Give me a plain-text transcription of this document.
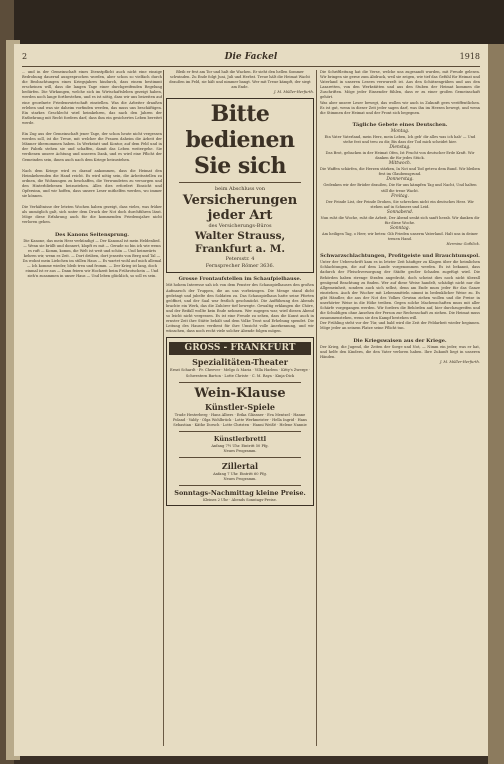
2	Die Fackel	1918

... und in der Gemeinschaft eines Dienstpflicht auch nicht eine einzige Bedrohung dauernd ausgesprochen worden, aber schon so vielfach durch die Beobachtungen eines Kriegsjahres hindurch, dass einem bestimmt erscheinen will, dass die langen Tage einer durchgreifenden Regelung bedürfen. Die Wirkungen, welche sich im Wirtschaftsleben gezeigt haben, werden noch lange fortbestehen, und es ist nötig, dass wir uns beizeiten auf eine geordnete Friedenswirtschaft einstellen. Was die Arbeiter draußen erleben und was sie daheim vorfinden werden, das muss uns beschäftigen. Ein starkes Geschlecht wird heimkehren, das nach den Jahren der Entbehrung mit Recht fordern darf, dass ihm ein gesichertes Leben bereitet werde.

Ein Zug aus der Gemeinschaft jener Tage, der schon heute nicht vergessen werden soll, ist die Treue, mit welcher die Frauen daheim die Arbeit der Männer übernommen haben. In Werkstatt und Kontor, auf dem Feld und in der Fabrik stehen sie und schaffen, damit das Leben weitergehe. Sie verdienen unsere Achtung und unseren Dank, und es wird eine Pflicht der Gemeinden sein, ihnen auch nach dem Kriege beizustehen.

Nach dem Kriege wird es darauf ankommen, dass die Heimat den Heimkehrenden die Hand reicht. Es wird nötig sein, die Arbeitsstellen zu ordnen, die Wohnungen zu beschaffen, die Verwundeten zu versorgen und den Hinterbliebenen beizustehen. Alles dies erfordert Einsicht und Opfersinn, und wir hoffen, dass unsere Leser mithelfen werden, wo immer sie können.

Die Verhältnisse der letzten Wochen haben gezeigt, dass vieles, was früher als unmöglich galt, sich unter dem Druck der Not doch durchführen lässt. Möge diese Erfahrung auch für die kommenden Friedensjahre nicht verloren gehen.

Des Kanons Seitensprung.

Die Kanone, das mein Herz verkündigt — Der Kanonal ist mein Heldenlied. — Wenn sie brüllt und donnert, klopft es mit — Gerade so bin ich wie wenn es ruft — Komm, komm, die Welt ist weit und schön — Und heimwärts kehren wir, wenn es Zeit. — Dort drüben, dort jenseits von Berg und Tal — Da wohnt mein Liebchen im stillen Haus — Es wartet wohl auf mich allemal — Ich komme wieder, bleib treu und fromm. — Der Krieg ist lang, doch einmal ist er aus — Dann feiern wir Hochzeit beim Frührotschein — Und zieh'n zusammen in unser Haus — Und leben glücklich, so soll es sein.

Bleib er fest am Tor und halt die Wachen. Er sieht den hellen Sommer schwinden. Zu Ende folgt Juni, Juli und Herbst. Treue hält die Heimat Wacht draußen im Feld, sie hält und nimmer bangt. Wer mit Treue kämpft, der siegt am Ende.

J. M. Müller-Herfurth.
Bitte bedienen Sie sich
beim Abschluss von
Versicherungen
jeder Art
des Versicherungs-Büros
Walter Strauss, Frankfurt a. M.
Petersstr. 4
Fernsprecher Römer 3636.
Grosse Frontaufstellen im Schaufpielhause.

Mit hohem Interesse sah ich von dem Fenster des Schauspielhauses den großen Aufmarsch der Truppen, die an uns vorbeizogen. Die Menge stand dicht gedrängt und jubelte den Soldaten zu. Das Schauspielhaus hatte seine Pforten geöffnet, und der Saal war festlich geschmückt. Die Aufführung des Abends brachte ein Werk, das die Zuhörer tief bewegte. Gewaltig erklangen die Chöre, und der Beifall wollte kein Ende nehmen. Wer zugegen war, wird diesen Abend so leicht nicht vergessen. Es ist eine Freude zu sehen, dass die Kunst auch in ernster Zeit ihre Stätte behält und dem Volke Trost und Erhebung spendet. Die Leitung des Hauses verdient für ihre Umsicht volle Anerkennung, und wir wünschen, dass noch recht viele solcher Abende folgen mögen.

GROSS - FRANKFURT
Spezialitäten-Theater

Ernst Schardt · Fr. Cheever · Melgo & Maria · Villa Harlem · Kitty's Zwerge · Schwestern Barton · Lotte Christe · C. M. Raya · Kinja-Dick

Wein-Klause
Künstler-Spiele

Trude Hesterberg · Hans Albers · Erika Glässner · Eva Mentzel · Hanne Poland · Valdy · Olga Wohlbrück · Lotte Werkmeister · Hella Ingrid · Hans Sebastian · Käthe Dorsch · Lotte Christen · Hanni Weißé · Helene Nannie

Künstlerbrettl

Anfang 7½ Uhr. Eintritt 50 Pfg.

Neues Programm.

Zillertal

Anfang 7 Uhr. Eintritt 60 Pfg.

Neues Programm.

Sonntags-Nachmittag kleine Preise.

Kleines 2 Uhr · Abends Sonntags-Preise.

Die Schriftleitung hat die Verse, welche uns zugesandt wurden, mit Freude gelesen. Wir bringen sie gerne zum Abdruck, weil sie zeigen, wie tief das Gefühl für Heimat und Vaterland in unseren Lesern verwurzelt ist. Aus den Schützengräben und aus den Lazaretten, von den Werkstätten und aus den Stuben der Heimat kommen die Zuschriften. Möge jeder Einsender fühlen, dass er zu einer großen Gemeinschaft gehört.

Was aber unsere Leser bewegt, das wollen wir auch in Zukunft gern veröffentlichen. Es ist gut, wenn in dieser Zeit jeder sagen darf, was ihn im Herzen bewegt, und wenn die Stimmen der Heimat und der Front sich begegnen.

Tägliche Gebete eines Deutschen.
Montag.

Ein Vater Vaterland, mein Herz, mein Leben, Ich geb' dir alles was ich hab' — Und stehe fest und treu zu dir, Bis dass der Tod mich scheidet hier.

Dienstag.

Das Brot, gebacken in der Heimat Ofen, Ist Frucht von deutscher Erde Kraft. Wir danken dir für jedes Stück.

Mittwoch.

Die Waffen schärfen, die Herzen stärken, In Not und Tod getreu dem Bund. Wir bleiben fest im Glaubensgrund.

Donnerstag.

Gedenken wir der Brüder draußen, Die für uns kämpfen Tag und Nacht, Und halten still die treue Wacht.

Freitag.

Der Feinde List, der Feinde Drohen, Sie schrecken nicht ein deutsches Herz. Wir stehen auf in Schmerz und Leid.

Sonnabend.

Nun ruht die Woche, ruht die Arbeit, Der Abend senkt sich sanft herab. Wir danken dir für diese Woche.

Sonntag.

Am heiligen Tag, o Herr, wir beten: Gib Frieden unserm Vaterland. Halt uns in deiner treuen Hand.

Hermine Gothlick.
Schwarzschlachtungen, Profitgeiste und Brauchtumspol.

Unter der Ueberschrift kam es in letzter Zeit häufiger zu Klagen über die heimlichen Schlachtungen, die auf dem Lande vorgenommen werden. Es ist bekannt, dass dadurch der Fleischversorgung der Städte großer Schaden zugefügt wird. Die Behörden haben strenge Strafen angedroht, doch scheint dies noch nicht überall genügend Beachtung zu finden. Wer auf diese Weise handelt, schädigt nicht nur die Allgemeinheit, sondern auch sich selbst, denn am Ende muss jeder für das Ganze einstehen. Auch der Wucher mit Lebensmitteln nimmt in bedenklicher Weise zu. Es gibt Händler, die aus der Not des Volkes Gewinn ziehen wollen und die Preise in unerhörter Weise in die Höhe treiben. Gegen solche Machenschaften muss mit aller Schärfe vorgegangen werden. Wir fordern die Behörden auf, hier durchzugreifen und die Schuldigen ohne Ansehen der Person zur Rechenschaft zu ziehen. Die Heimat muss zusammenstehen, wenn sie den Kampf bestehen will.

Der Frühling steht vor der Tür, und bald wird die Zeit der Feldarbeit wieder beginnen. Möge jeder an seinem Platze seine Pflicht tun.

Die Kriegswaisen aus der Kriege.

Der Krieg, die Jugend, die Zeiten der Sorge und Not, — Nimm ein jeder, was er hat, und helfe den Kindern, die den Vater verloren haben. Ihre Zukunft liegt in unseren Händen.

J. M. Müller-Herfurth.
